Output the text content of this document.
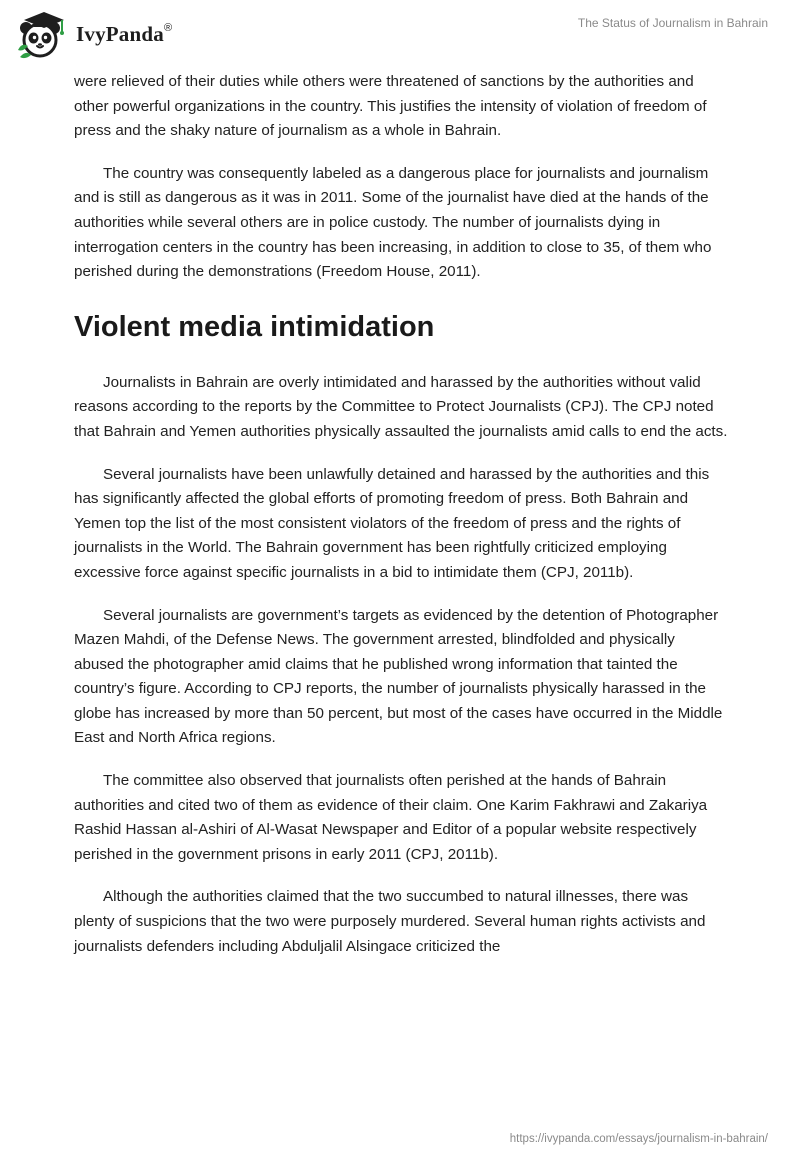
IvyPanda®	The Status of Journalism in Bahrain

were relieved of their duties while others were threatened of sanctions by the authorities and other powerful organizations in the country. This justifies the intensity of violation of freedom of press and the shaky nature of journalism as a whole in Bahrain.

The country was consequently labeled as a dangerous place for journalists and journalism and is still as dangerous as it was in 2011. Some of the journalist have died at the hands of the authorities while several others are in police custody. The number of journalists dying in interrogation centers in the country has been increasing, in addition to close to 35, of them who perished during the demonstrations (Freedom House, 2011).

Violent media intimidation

Journalists in Bahrain are overly intimidated and harassed by the authorities without valid reasons according to the reports by the Committee to Protect Journalists (CPJ). The CPJ noted that Bahrain and Yemen authorities physically assaulted the journalists amid calls to end the acts.

Several journalists have been unlawfully detained and harassed by the authorities and this has significantly affected the global efforts of promoting freedom of press. Both Bahrain and Yemen top the list of the most consistent violators of the freedom of press and the rights of journalists in the World. The Bahrain government has been rightfully criticized employing excessive force against specific journalists in a bid to intimidate them (CPJ, 2011b).

Several journalists are government’s targets as evidenced by the detention of Photographer Mazen Mahdi, of the Defense News. The government arrested, blindfolded and physically abused the photographer amid claims that he published wrong information that tainted the country’s figure. According to CPJ reports, the number of journalists physically harassed in the globe has increased by more than 50 percent, but most of the cases have occurred in the Middle East and North Africa regions.

The committee also observed that journalists often perished at the hands of Bahrain authorities and cited two of them as evidence of their claim. One Karim Fakhrawi and Zakariya Rashid Hassan al-Ashiri of Al-Wasat Newspaper and Editor of a popular website respectively perished in the government prisons in early 2011 (CPJ, 2011b).

Although the authorities claimed that the two succumbed to natural illnesses, there was plenty of suspicions that the two were purposely murdered. Several human rights activists and journalists defenders including Abduljalil Alsingace criticized the

https://ivypanda.com/essays/journalism-in-bahrain/
